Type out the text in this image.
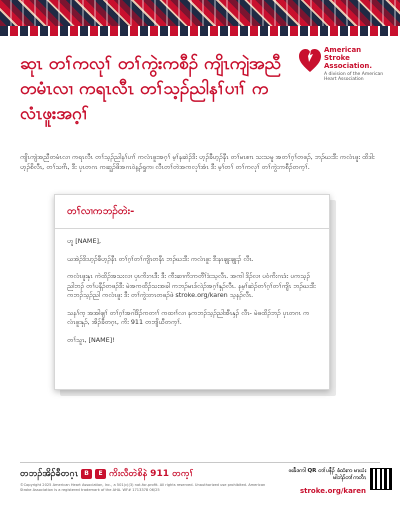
ဆုၤ တၢ်ကလုၢ် တၢ်ကွဲးကစီၣ် ကျိၤကျဲအညီတမံၤလၢ ကရၤလီၤ တၢ်သ့ၣ်ညါနၢ်ပၢၢ် ကလံၤဖူးအဂ့ၢ်
American Stroke Association.
A division of the American Heart Association

ကျိၤကျဲအညီတမံၤလၢ ကရၤလီၤ တၢ်သ့ၣ်ညါနၢ်ပၢၢ် ကလံၤဖူးအဂ့ၢ် မ့ၢ်နဆဲၣ်ဒိး ဟ့ၣ်ခီဟ့ၣ်နီၤ တၢ်မၤစၢၤ သးသမူ အတၢ်ဂ့ၢ်တဖၣ်, ဘၣ်ဃးဒီး ကလံၤဖူး ထိဒါး ဟ့ၣ်စိလီၤ, တၢ်သၢၢိၤ, ဒီး ပှၤတဂၤ ကဆူၣ်ဖိအဂၤဝဲန့ၣ်ရှုက၊ လီၤတၢ်တဲအကလုၢ်အံၤ ဒီး မ့ၢ်တၢ် တၢ်ကလုၢ် တၢ်ကွဲးကစီၣ်တက့ၢ်.

တၢ်လၢကဘၣ်တဲး-

ဟူ [NAME],

ယအဲၣ်ဒိးဟ့ၣ်ခီဟ့ၣ်နီၤ တၢ်ဂ့ၢ်တၢ်ကျိၤတနီၤ ဘၣ်ဃးဒီး ကလံၤဖူး ဒီးနၤချုးချုးၣ် လီၤ.

ကလံၤဖူးနှၤ ကဲထိၣ်အသးလၢ ပှၤကိးဂၤဒီး ဒီး ကီးဆၢကိးကတီၢ်ဒံးသ့လီၤ. အကါ ဒိၣ်လၢ ပဝံကိးဂၤဒံး ပကသ့ၣ်ညါဘၣ် တၢ်ပနီၣ်တဖၣ်ဒီး မဲအကထိၣ်သးအခါ ကဘၣ်မၤဒ်လဲၣ်အဂ့ၢ်နှၣ်လီၤ. နမ့ၢ်ဆဲၣ်တၢ်ဂ့ၢ်တၢ်ကျိၤ ဘၣ်ဃးဒီး ကဘၣ်သ့ၣ်ညါ ကလံၤဖူး ဒီး တၢ်ကွဲးတၤတဖၣ်ဖဲ stroke.org/karen သ့နၣ်လီၤ.

သနၢ်က့ အအါဖျၢ် တၢ်ဂ့ၢ်အဂါဒိၣ်ကတၢၢ် ကထၢၢ်လၢ နကဘၣ်သ့ၣ်ညါအီၤနှၣ် လီၤ- မဲဖထိၣ်ဘၣ် ပှၤတဂၤ ကလံၤဖူးနှၣ်, အိၣ်ခီတဂ့ၤ, ကိး 911 တဘျိယီတက့ၢ်.

တၢ်သူၤ, [NAME]!

တဘၣ်အိၣ်ခီတဂ့ၤ	B	E ကိးလီတဲစိနဲ 911 တက့ၢ်
©Copyright 2025 American Heart Association, Inc., a 501(c)(3) not-for-profit. All rights reserved. Unauthorized use prohibited. American Stroke Association is a registered trademark of the AHA. WF# 1713378 06/25
ဖးခီဒကါ QR တၢ်ပနီၣ် ခံထံးက မၤဃံးမါဘဲၣ်တၢ်ကတိၤ
stroke.org/karen
